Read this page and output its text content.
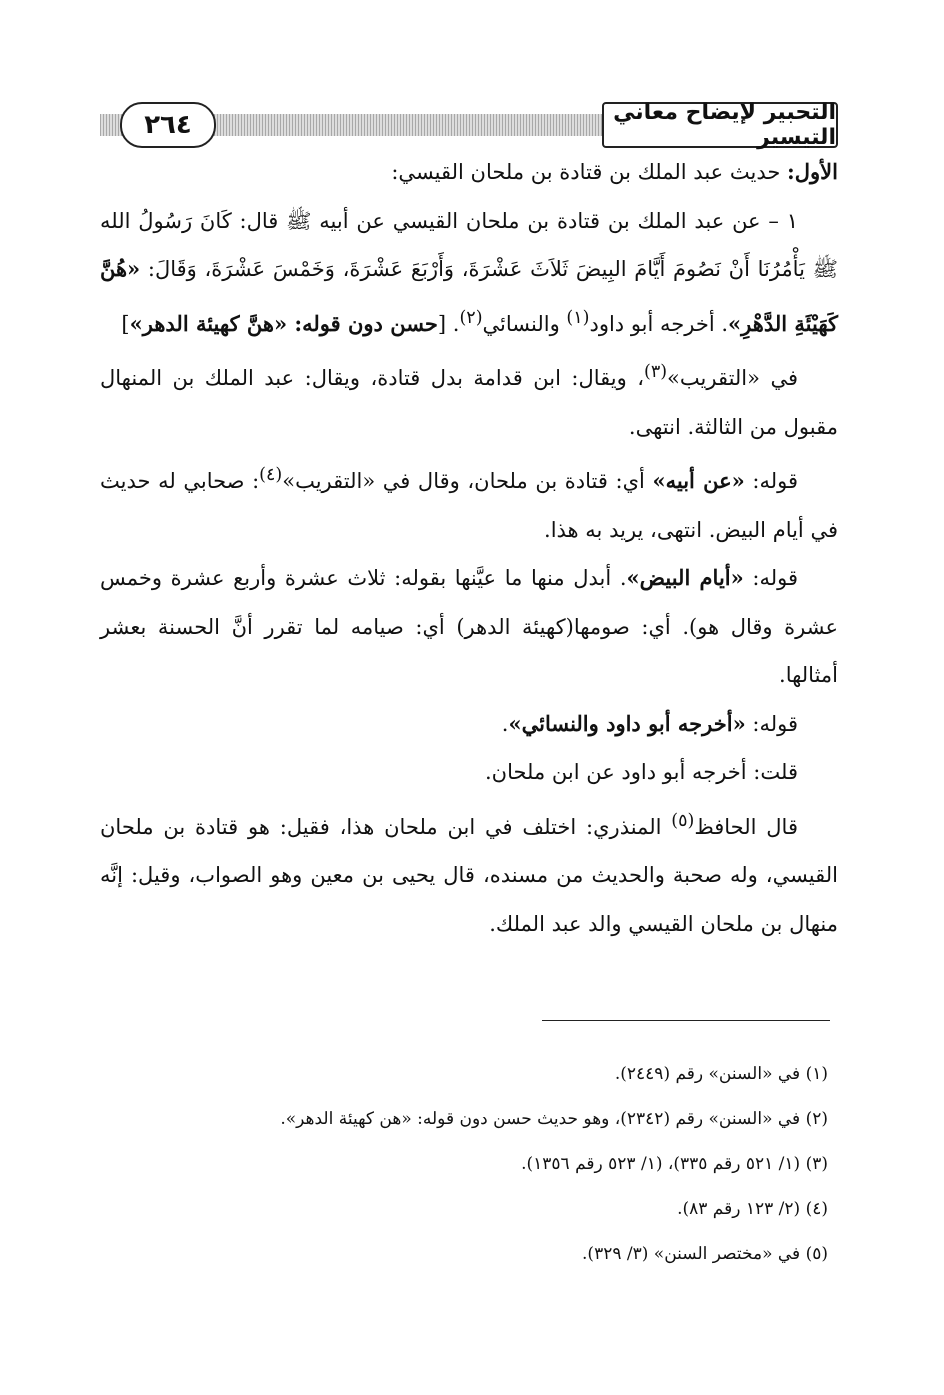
٢٦٤	التحبير لإيضاح معاني التيسير

الأول: حديث عبد الملك بن قتادة بن ملحان القيسي:

١ – عن عبد الملك بن قتادة بن ملحان القيسي عن أبيه ﷺ قال: كَانَ رَسُولُ الله ﷺ يَأْمُرُنَا أَنْ نَصُومَ أَيَّامَ البِيضَ ثَلاَثَ عَشْرَةَ، وَأَرْبَعَ عَشْرَةَ، وَخَمْسَ عَشْرَةَ، وَقَالَ: «هُنَّ كَهَيْئَةِ الدَّهْرِ». أخرجه أبو داود$^{(١)}$ والنسائي$^{(٢)}$. [حسن دون قوله: «هنَّ كهيئة الدهر»]

في «التقريب»$^{(٣)}$، ويقال: ابن قدامة بدل قتادة، ويقال: عبد الملك بن المنهال مقبول من الثالثة. انتهى.

قوله: «عن أبيه» أي: قتادة بن ملحان، وقال في «التقريب»$^{(٤)}$: صحابي له حديث في أيام البيض. انتهى، يريد به هذا.

قوله: «أيام البيض». أبدل منها ما عيَّنها بقوله: ثلاث عشرة وأربع عشرة وخمس عشرة وقال هو). أي: صومها(كهيئة الدهر) أي: صيامه لما تقرر أنَّ الحسنة بعشر أمثالها.

قوله: «أخرجه أبو داود والنسائي».

قلت: أخرجه أبو داود عن ابن ملحان.

قال الحافظ$^{(٥)}$ المنذري: اختلف في ابن ملحان هذا، فقيل: هو قتادة بن ملحان القيسي، وله صحبة والحديث من مسنده، قال يحيى بن معين وهو الصواب، وقيل: إنَّه منهال بن ملحان القيسي والد عبد الملك.

(١) في «السنن» رقم (٢٤٤٩).
(٢) في «السنن» رقم (٢٣٤٢)، وهو حديث حسن دون قوله: «هن كهيئة الدهر».
(٣) (١/ ٥٢١ رقم ٣٣٥)، (١/ ٥٢٣ رقم ١٣٥٦).
(٤) (٢/ ١٢٣ رقم ٨٣).
(٥) في «مختصر السنن» (٣/ ٣٢٩).
